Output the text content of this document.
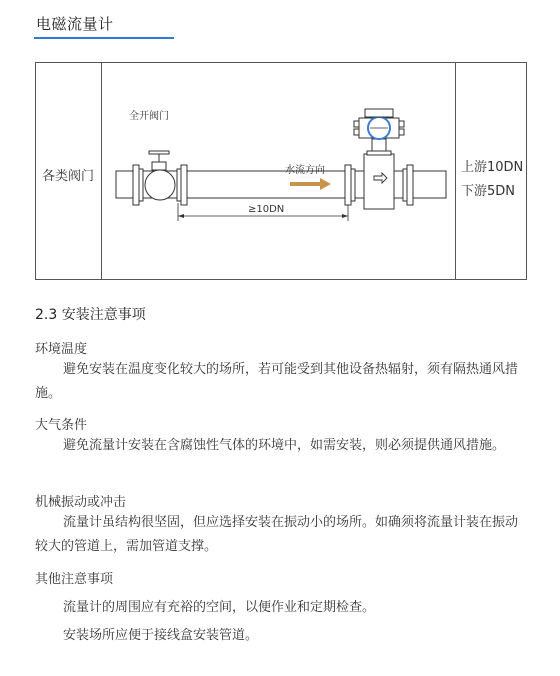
电磁流量计
各类阀门
全开阀门
水流方向
≥10DN
上游10DN
下游5DN
2.3 安装注意事项
环境温度
避免安装在温度变化较大的场所，若可能受到其他设备热辐射，须有隔热通风措施。
大气条件
避免流量计安装在含腐蚀性气体的环境中，如需安装，则必须提供通风措施。
机械振动或冲击
流量计虽结构很坚固，但应选择安装在振动小的场所。如确须将流量计装在振动较大的管道上，需加管道支撑。
其他注意事项
流量计的周围应有充裕的空间，以便作业和定期检查。
安装场所应便于接线盒安装管道。
